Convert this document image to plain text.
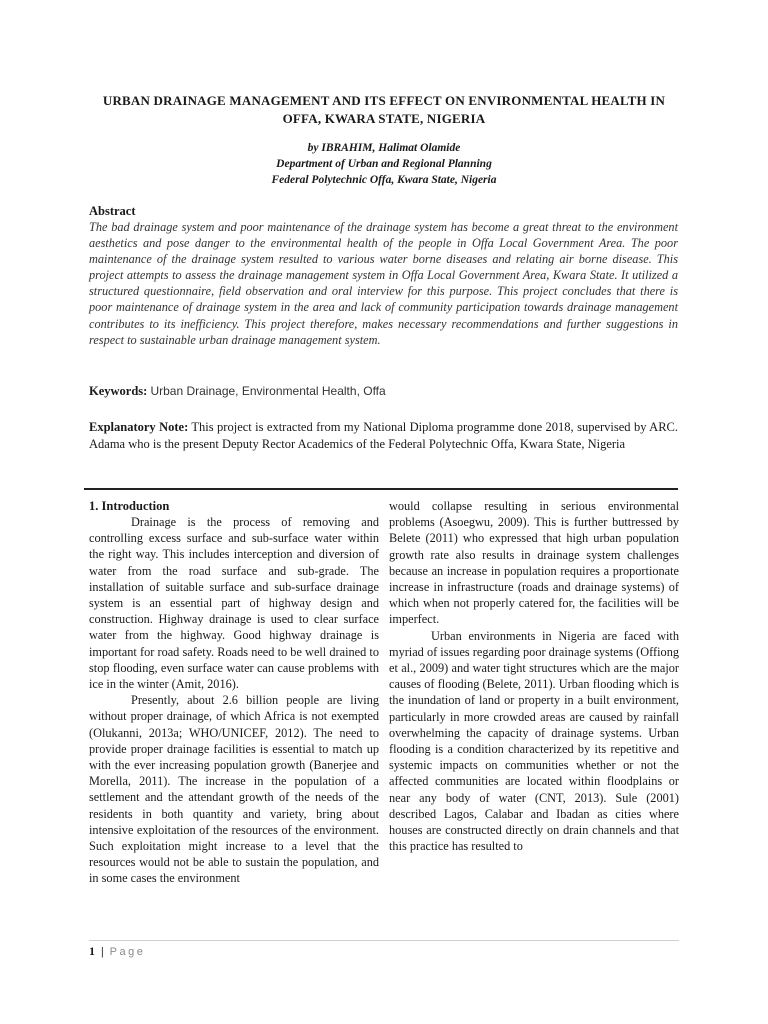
URBAN DRAINAGE MANAGEMENT AND ITS EFFECT ON ENVIRONMENTAL HEALTH IN
OFFA, KWARA STATE, NIGERIA
by IBRAHIM, Halimat Olamide
Department of Urban and Regional Planning
Federal Polytechnic Offa, Kwara State, Nigeria
Abstract
The bad drainage system and poor maintenance of the drainage system has become a great threat to the environment aesthetics and pose danger to the environmental health of the people in Offa Local Government Area. The poor maintenance of the drainage system resulted to various water borne diseases and relating air borne disease. This project attempts to assess the drainage management system in Offa Local Government Area, Kwara State. It utilized a structured questionnaire, field observation and oral interview for this purpose. This project concludes that there is poor maintenance of drainage system in the area and lack of community participation towards drainage management contributes to its inefficiency. This project therefore, makes necessary recommendations and further suggestions in respect to sustainable urban drainage management system.
Keywords: Urban Drainage, Environmental Health, Offa
Explanatory Note: This project is extracted from my National Diploma programme done 2018, supervised by ARC. Adama who is the present Deputy Rector Academics of the Federal Polytechnic Offa, Kwara State, Nigeria
1. Introduction

Drainage is the process of removing and controlling excess surface and sub-surface water within the right way. This includes interception and diversion of water from the road surface and sub-grade. The installation of suitable surface and sub-surface drainage system is an essential part of highway design and construction. Highway drainage is used to clear surface water from the highway. Good highway drainage is important for road safety. Roads need to be well drained to stop flooding, even surface water can cause problems with ice in the winter (Amit, 2016).

Presently, about 2.6 billion people are living without proper drainage, of which Africa is not exempted (Olukanni, 2013a; WHO/UNICEF, 2012). The need to provide proper drainage facilities is essential to match up with the ever increasing population growth (Banerjee and Morella, 2011). The increase in the population of a settlement and the attendant growth of the needs of the residents in both quantity and variety, bring about intensive exploitation of the resources of the environment. Such exploitation might increase to a level that the resources would not be able to sustain the population, and in some cases the environment

would collapse resulting in serious environmental problems (Asoegwu, 2009). This is further buttressed by Belete (2011) who expressed that high urban population growth rate also results in drainage system challenges because an increase in population requires a proportionate increase in infrastructure (roads and drainage systems) of which when not properly catered for, the facilities will be imperfect.

Urban environments in Nigeria are faced with myriad of issues regarding poor drainage systems (Offiong et al., 2009) and water tight structures which are the major causes of flooding (Belete, 2011). Urban flooding which is the inundation of land or property in a built environment, particularly in more crowded areas are caused by rainfall overwhelming the capacity of drainage systems. Urban flooding is a condition characterized by its repetitive and systemic impacts on communities whether or not the affected communities are located within floodplains or near any body of water (CNT, 2013). Sule (2001) described Lagos, Calabar and Ibadan as cities where houses are constructed directly on drain channels and that this practice has resulted to

1 | Page
